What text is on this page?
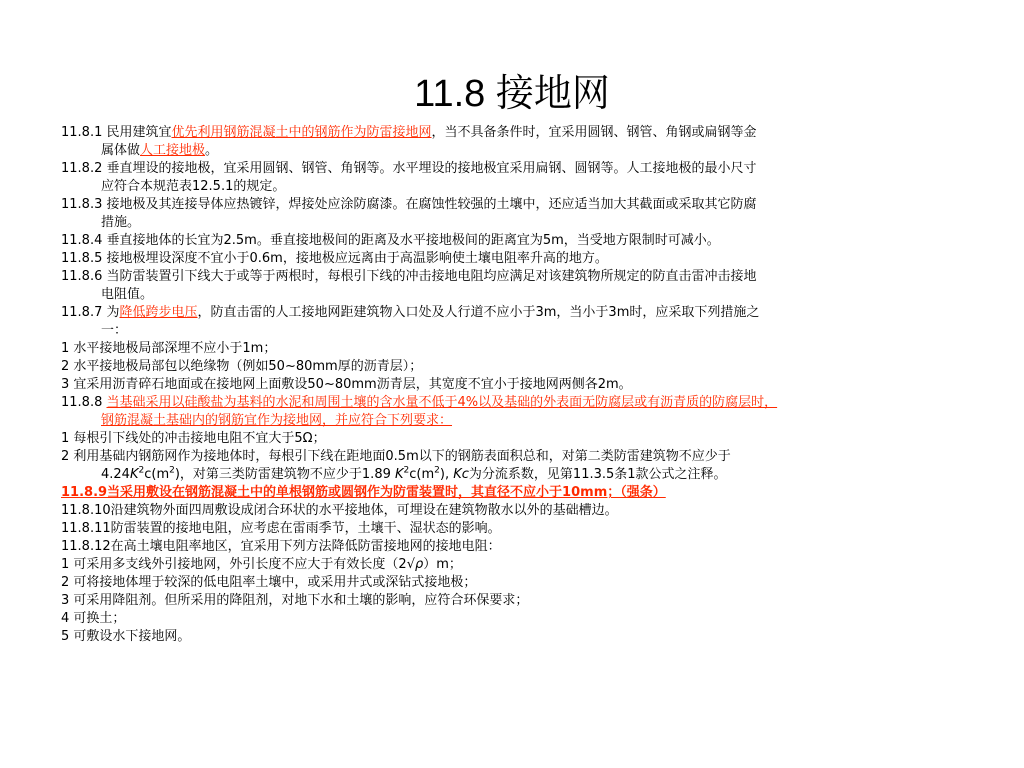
11.8 接地网
11.8.1 民用建筑宜优先利用钢筋混凝土中的钢筋作为防雷接地网，当不具备条件时，宜采用圆钢、钢管、角钢或扁钢等金
属体做人工接地极。
11.8.2 垂直埋设的接地极，宜采用圆钢、钢管、角钢等。水平埋设的接地极宜采用扁钢、圆钢等。人工接地极的最小尺寸
应符合本规范表12.5.1的规定。
11.8.3 接地极及其连接导体应热镀锌，焊接处应涂防腐漆。在腐蚀性较强的土壤中，还应适当加大其截面或采取其它防腐
措施。
11.8.4 垂直接地体的长宜为2.5m。垂直接地极间的距离及水平接地极间的距离宜为5m，当受地方限制时可减小。
11.8.5 接地极埋设深度不宜小于0.6m，接地极应远离由于高温影响使土壤电阻率升高的地方。
11.8.6 当防雷装置引下线大于或等于两根时，每根引下线的冲击接地电阻均应满足对该建筑物所规定的防直击雷冲击接地
电阻值。
11.8.7 为降低跨步电压，防直击雷的人工接地网距建筑物入口处及人行道不应小于3m，当小于3m时，应采取下列措施之
一：
1 水平接地极局部深埋不应小于1m；
2 水平接地极局部包以绝缘物（例如50~80mm厚的沥青层）；
3 宜采用沥青碎石地面或在接地网上面敷设50~80mm沥青层，其宽度不宜小于接地网两侧各2m。
11.8.8 当基础采用以硅酸盐为基料的水泥和周围土壤的含水量不低于4%以及基础的外表面无防腐层或有沥青质的防腐层时，
钢筋混凝土基础内的钢筋宜作为接地网，并应符合下列要求：
1 每根引下线处的冲击接地电阻不宜大于5Ω；
2 利用基础内钢筋网作为接地体时，每根引下线在距地面0.5m以下的钢筋表面积总和，对第二类防雷建筑物不应少于
$4.24K^2c(m^2)$，对第三类防雷建筑物不应少于1.89 $K^2c(m^2)$, Kc为分流系数，见第11.3.5条1款公式之注释。
11.8.9当采用敷设在钢筋混凝土中的单根钢筋或圆钢作为防雷装置时，其直径不应小于10mm；（强条）
11.8.10沿建筑物外面四周敷设成闭合环状的水平接地体，可埋设在建筑物散水以外的基础槽边。
11.8.11防雷装置的接地电阻，应考虑在雷雨季节，土壤干、湿状态的影响。
11.8.12在高土壤电阻率地区，宜采用下列方法降低防雷接地网的接地电阻：
1 可采用多支线外引接地网，外引长度不应大于有效长度（2√ρ）m；
2 可将接地体埋于较深的低电阻率土壤中，或采用井式或深钻式接地极；
3 可采用降阻剂。但所采用的降阻剂，对地下水和土壤的影响，应符合环保要求；
4 可换土；
5 可敷设水下接地网。
